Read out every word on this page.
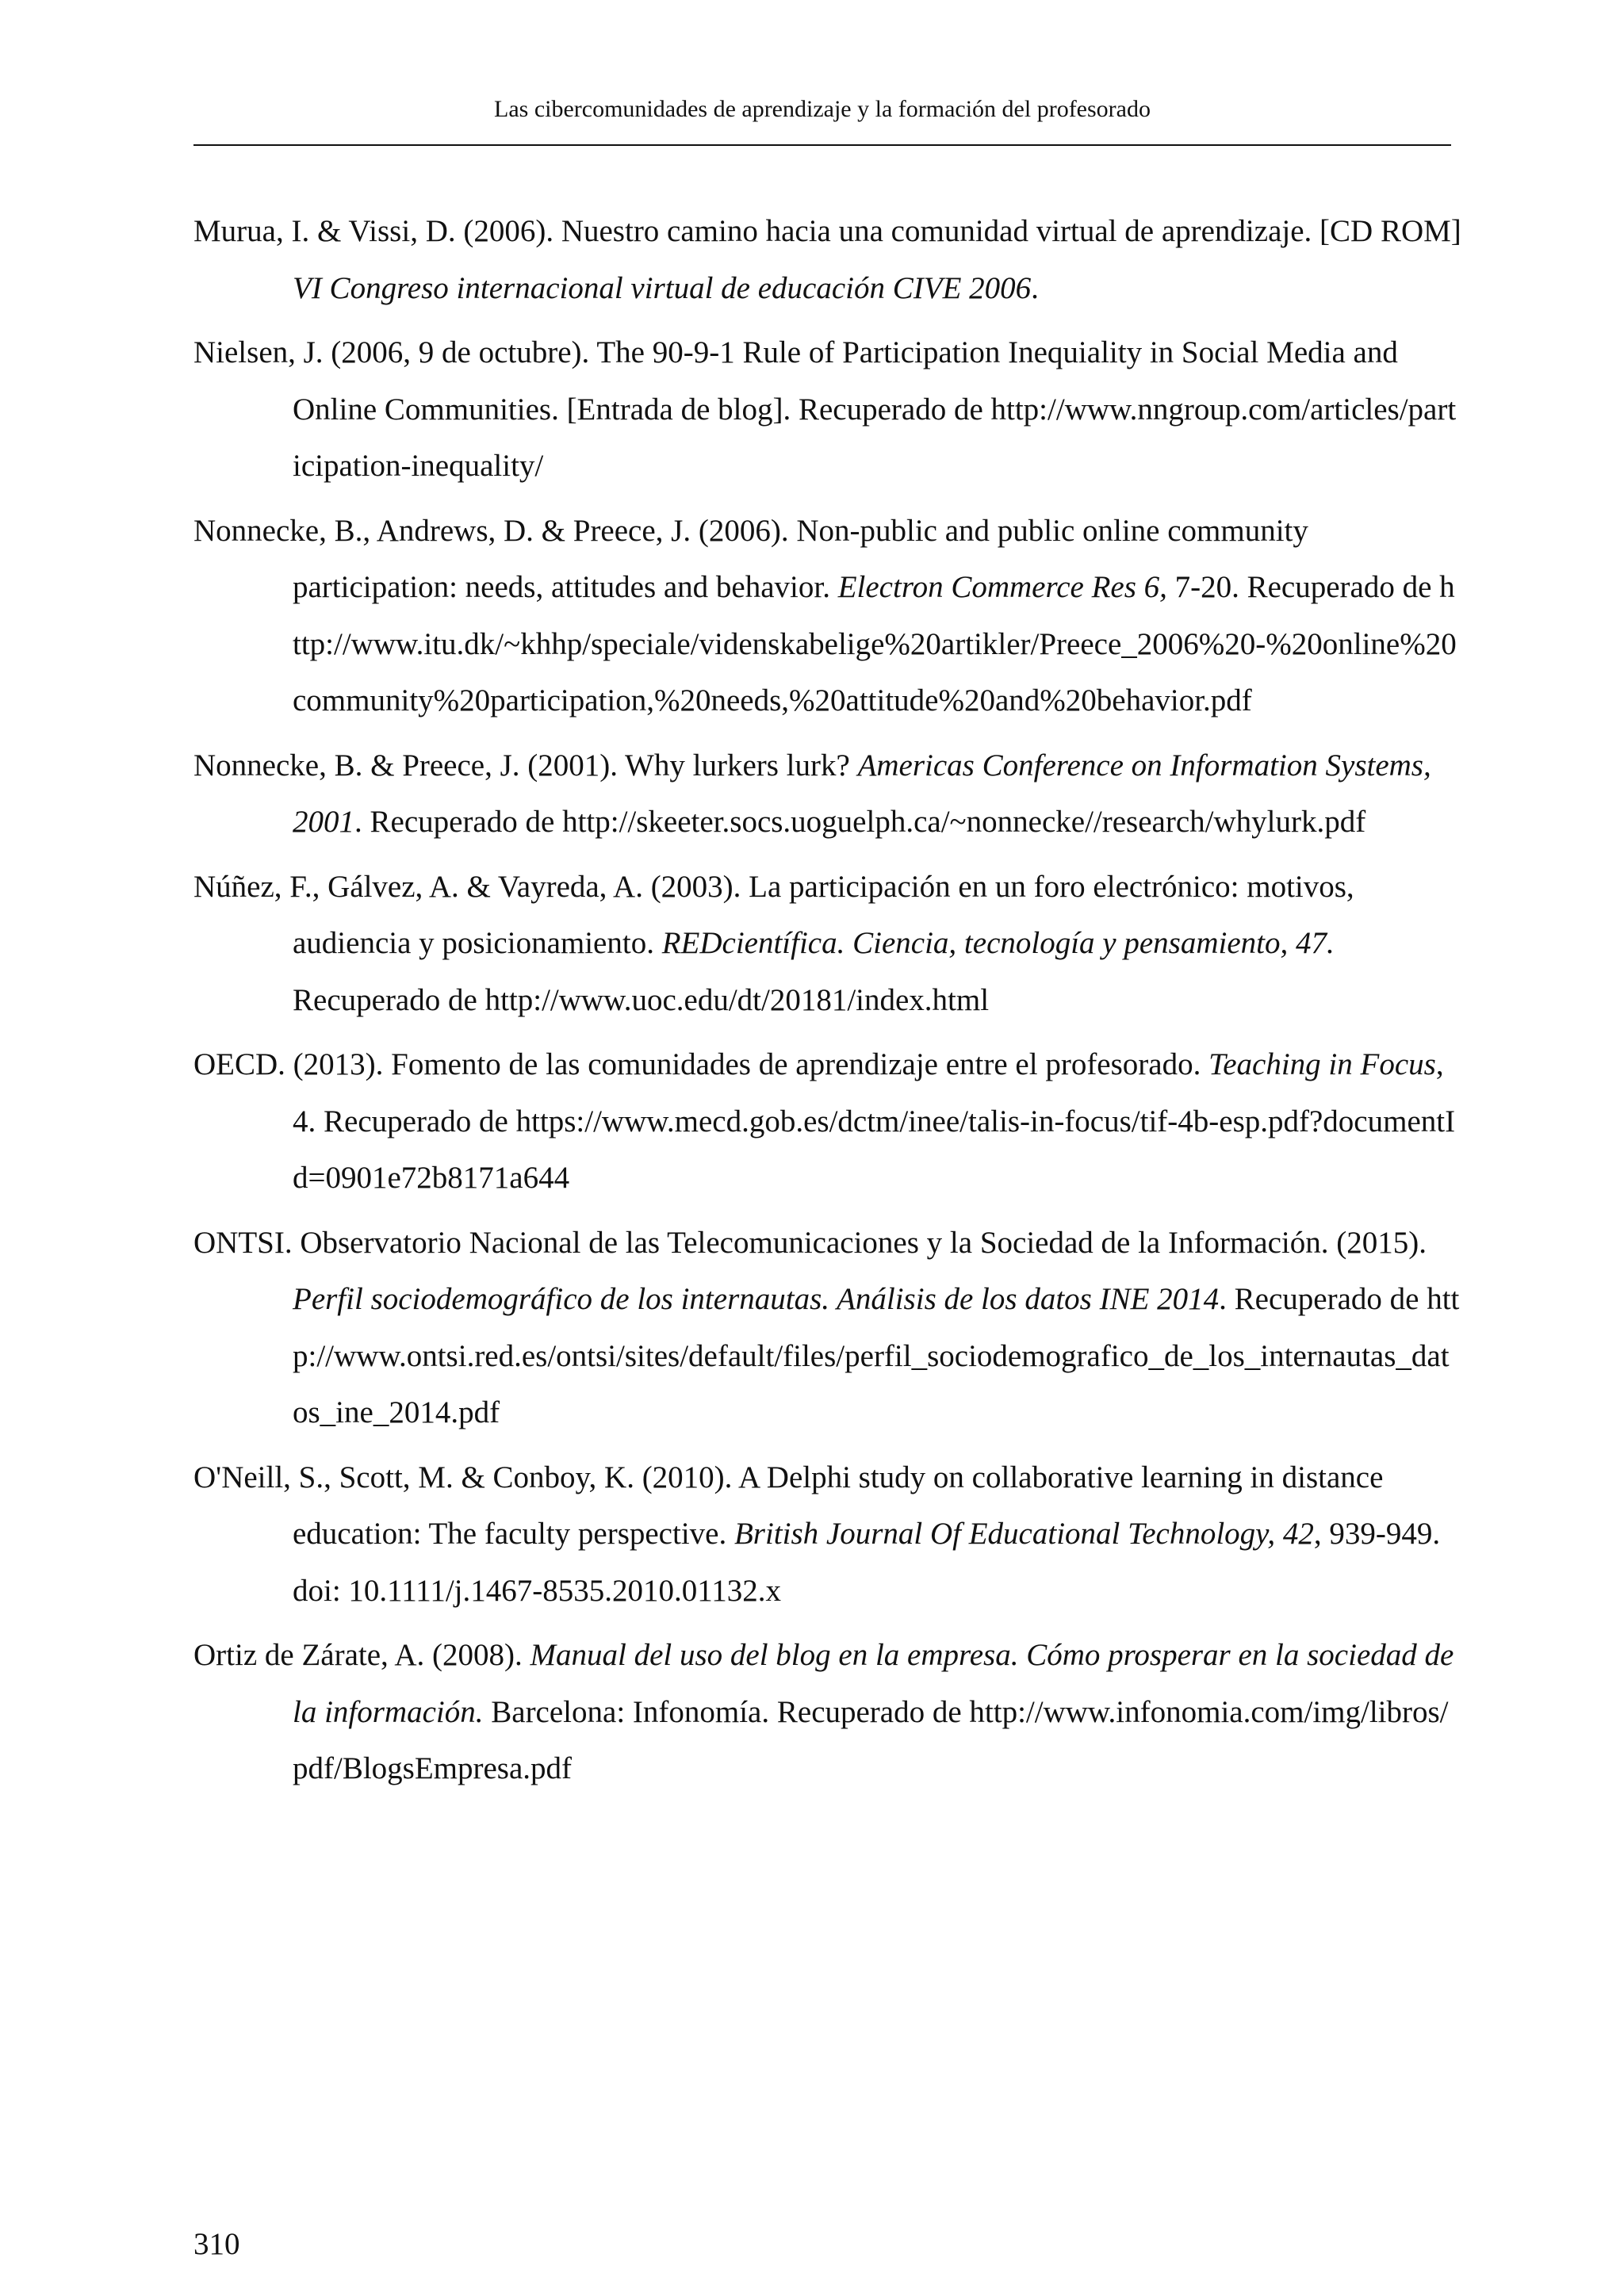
Las cibercomunidades de aprendizaje y la formación del profesorado
Murua, I. & Vissi, D. (2006). Nuestro camino hacia una comunidad virtual de aprendizaje. [CD ROM] VI Congreso internacional virtual de educación CIVE 2006.
Nielsen, J. (2006, 9 de octubre). The 90-9-1 Rule of Participation Inequiality in Social Media and Online Communities. [Entrada de blog]. Recuperado de http://www.nngroup.com/articles/participation-inequality/
Nonnecke, B., Andrews, D. & Preece, J. (2006). Non-public and public online community participation: needs, attitudes and behavior. Electron Commerce Res 6, 7-20. Recuperado de http://www.itu.dk/~khhp/speciale/videnskabelige%20artikler/Preece_2006%20-%20online%20community%20participation,%20needs,%20attitude%20and%20behavior.pdf
Nonnecke, B. & Preece, J. (2001). Why lurkers lurk? Americas Conference on Information Systems, 2001. Recuperado de http://skeeter.socs.uoguelph.ca/~nonnecke//research/whylurk.pdf
Núñez, F., Gálvez, A. & Vayreda, A. (2003). La participación en un foro electrónico: motivos, audiencia y posicionamiento. REDcientífica. Ciencia, tecnología y pensamiento, 47. Recuperado de http://www.uoc.edu/dt/20181/index.html
OECD. (2013). Fomento de las comunidades de aprendizaje entre el profesorado. Teaching in Focus, 4. Recuperado de https://www.mecd.gob.es/dctm/inee/talis-in-focus/tif-4b-esp.pdf?documentId=0901e72b8171a644
ONTSI. Observatorio Nacional de las Telecomunicaciones y la Sociedad de la Información. (2015). Perfil sociodemográfico de los internautas. Análisis de los datos INE 2014. Recuperado de http://www.ontsi.red.es/ontsi/sites/default/files/perfil_sociodemografico_de_los_internautas_datos_ine_2014.pdf
O'Neill, S., Scott, M. & Conboy, K. (2010). A Delphi study on collaborative learning in distance education: The faculty perspective. British Journal Of Educational Technology, 42, 939-949. doi: 10.1111/j.1467-8535.2010.01132.x
Ortiz de Zárate, A. (2008). Manual del uso del blog en la empresa. Cómo prosperar en la sociedad de la información. Barcelona: Infonomía. Recuperado de http://www.infonomia.com/img/libros/pdf/BlogsEmpresa.pdf
310
